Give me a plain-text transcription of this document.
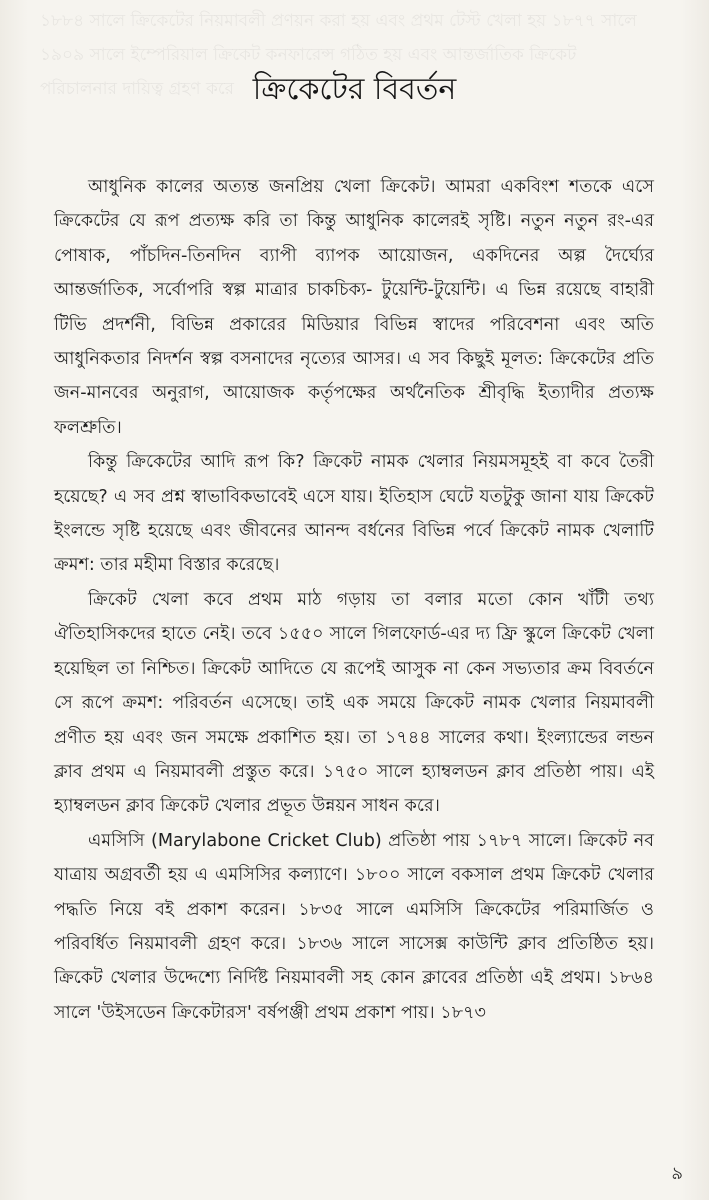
১৮৮৪ সালে ক্রিকেটের নিয়মাবলী প্রণয়ন করা হয় এবং প্রথম টেস্ট খেলা হয় ১৮৭৭ সালে
১৯০৯ সালে ইম্পেরিয়াল ক্রিকেট কনফারেন্স গঠিত হয় এবং আন্তর্জাতিক ক্রিকেট
পরিচালনার দায়িত্ব গ্রহণ করে ক্রিকেটের বিবর্তন

আধুনিক কালের অত্যন্ত জনপ্রিয় খেলা ক্রিকেট। আমরা একবিংশ শতকে এসে ক্রিকেটের যে রূপ প্রত্যক্ষ করি তা কিন্তু আধুনিক কালেরই সৃষ্টি। নতুন নতুন রং-এর পোষাক, পাঁচদিন-তিনদিন ব্যাপী ব্যাপক আয়োজন, একদিনের অল্প দৈর্ঘ্যের আন্তর্জাতিক, সর্বোপরি স্বল্প মাত্রার চাকচিক্য- টুয়েন্টি-টুয়েন্টি। এ ভিন্ন রয়েছে বাহারী টিভি প্রদর্শনী, বিভিন্ন প্রকারের মিডিয়ার বিভিন্ন স্বাদের পরিবেশনা এবং অতি আধুনিকতার নিদর্শন স্বল্প বসনাদের নৃত্যের আসর। এ সব কিছুই মূলত: ক্রিকেটের প্রতি জন-মানবের অনুরাগ, আয়োজক কর্তৃপক্ষের অর্থনৈতিক শ্রীবৃদ্ধি ইত্যাদীর প্রত্যক্ষ ফলশ্রুতি।

কিন্তু ক্রিকেটের আদি রূপ কি? ক্রিকেট নামক খেলার নিয়মসমূহই বা কবে তৈরী হয়েছে? এ সব প্রশ্ন স্বাভাবিকভাবেই এসে যায়। ইতিহাস ঘেটে যতটুকু জানা যায় ক্রিকেট ইংলন্ডে সৃষ্টি হয়েছে এবং জীবনের আনন্দ বর্ধনের বিভিন্ন পর্বে ক্রিকেট নামক খেলাটি ক্রমশ: তার মহীমা বিস্তার করেছে।

ক্রিকেট খেলা কবে প্রথম মাঠ গড়ায় তা বলার মতো কোন খাঁটী তথ্য ঐতিহাসিকদের হাতে নেই। তবে ১৫৫০ সালে গিলফোর্ড-এর দ্য ফ্রি স্কুলে ক্রিকেট খেলা হয়েছিল তা নিশ্চিত। ক্রিকেট আদিতে যে রূপেই আসুক না কেন সভ্যতার ক্রম বিবর্তনে সে রূপে ক্রমশ: পরিবর্তন এসেছে। তাই এক সময়ে ক্রিকেট নামক খেলার নিয়মাবলী প্রণীত হয় এবং জন সমক্ষে প্রকাশিত হয়। তা ১৭৪৪ সালের কথা। ইংল্যান্ডের লন্ডন ক্লাব প্রথম এ নিয়মাবলী প্রস্তুত করে। ১৭৫০ সালে হ্যাম্বলডন ক্লাব প্রতিষ্ঠা পায়। এই হ্যাম্বলডন ক্লাব ক্রিকেট খেলার প্রভূত উন্নয়ন সাধন করে।

এমসিসি (Marylabone Cricket Club) প্রতিষ্ঠা পায় ১৭৮৭ সালে। ক্রিকেট নব যাত্রায় অগ্রবর্তী হয় এ এমসিসির কল্যাণে। ১৮০০ সালে বকসাল প্রথম ক্রিকেট খেলার পদ্ধতি নিয়ে বই প্রকাশ করেন। ১৮৩৫ সালে এমসিসি ক্রিকেটের পরিমার্জিত ও পরিবর্ধিত নিয়মাবলী গ্রহণ করে। ১৮৩৬ সালে সাসেক্স কাউন্টি ক্লাব প্রতিষ্ঠিত হয়। ক্রিকেট খেলার উদ্দেশ্যে নির্দিষ্ট নিয়মাবলী সহ কোন ক্লাবের প্রতিষ্ঠা এই প্রথম। ১৮৬৪ সালে 'উইসডেন ক্রিকেটারস' বর্ষপঞ্জী প্রথম প্রকাশ পায়। ১৮৭৩

৯
